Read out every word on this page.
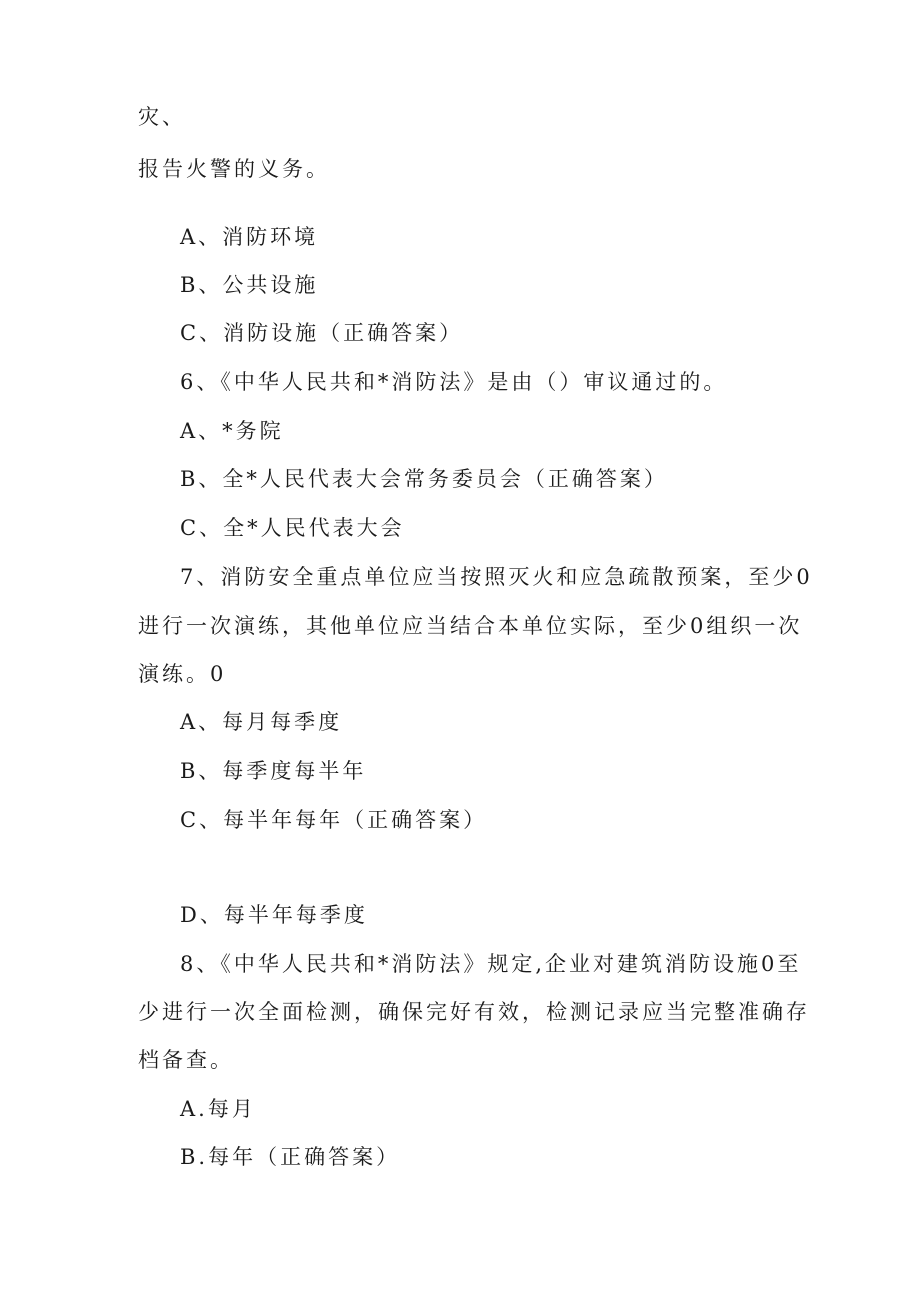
灾、
报告火警的义务。
A、消防环境
B、公共设施
C、消防设施（正确答案）
6、《中华人民共和*消防法》是由（）审议通过的。
A、*务院
B、全*人民代表大会常务委员会（正确答案）
C、全*人民代表大会
7、消防安全重点单位应当按照灭火和应急疏散预案，至少0
进行一次演练，其他单位应当结合本单位实际，至少0组织一次
演练。0
A、每月每季度
B、每季度每半年
C、每半年每年（正确答案）
D、每半年每季度
8、《中华人民共和*消防法》规定,企业对建筑消防设施0至
少进行一次全面检测，确保完好有效，检测记录应当完整准确存
档备查。
A.每月
B.每年（正确答案）
